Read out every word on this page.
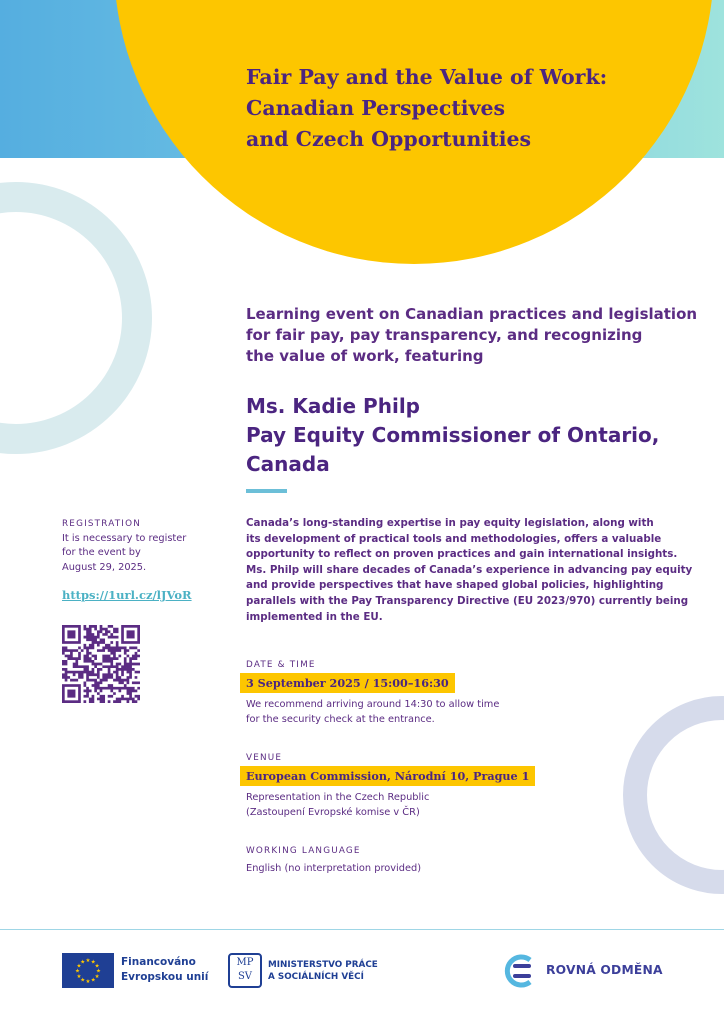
Fair Pay and the Value of Work:
Canadian Perspectives
and Czech Opportunities

Learning event on Canadian practices and legislation
for fair pay, pay transparency, and recognizing
the value of work, featuring

Ms. Kadie Philp
Pay Equity Commissioner of Ontario,
Canada

Canada’s long-standing expertise in pay equity legislation, along with
its development of practical tools and methodologies, offers a valuable
opportunity to reflect on proven practices and gain international insights.
Ms. Philp will share decades of Canada’s experience in advancing pay equity
and provide perspectives that have shaped global policies, highlighting
parallels with the Pay Transparency Directive (EU 2023/970) currently being
implemented in the EU.

REGISTRATION
It is necessary to register
for the event by
August 29, 2025.
https://1url.cz/lJVoR
DATE & TIME
3 September 2025 / 15:00–16:30
We recommend arriving around 14:30 to allow time
for the security check at the entrance.
VENUE
European Commission, Národní 10, Prague 1
Representation in the Czech Republic
(Zastoupení Evropské komise v ČR)
WORKING LANGUAGE
English (no interpretation provided)
★ ★
★
★
★
★
★
★
★
★
★
★	Financováno
Evropskou unií
MP
SV
MINISTERSTVO PRÁCE
A SOCIÁLNÍCH VĚCÍ	ROVNÁ ODMĚNA
